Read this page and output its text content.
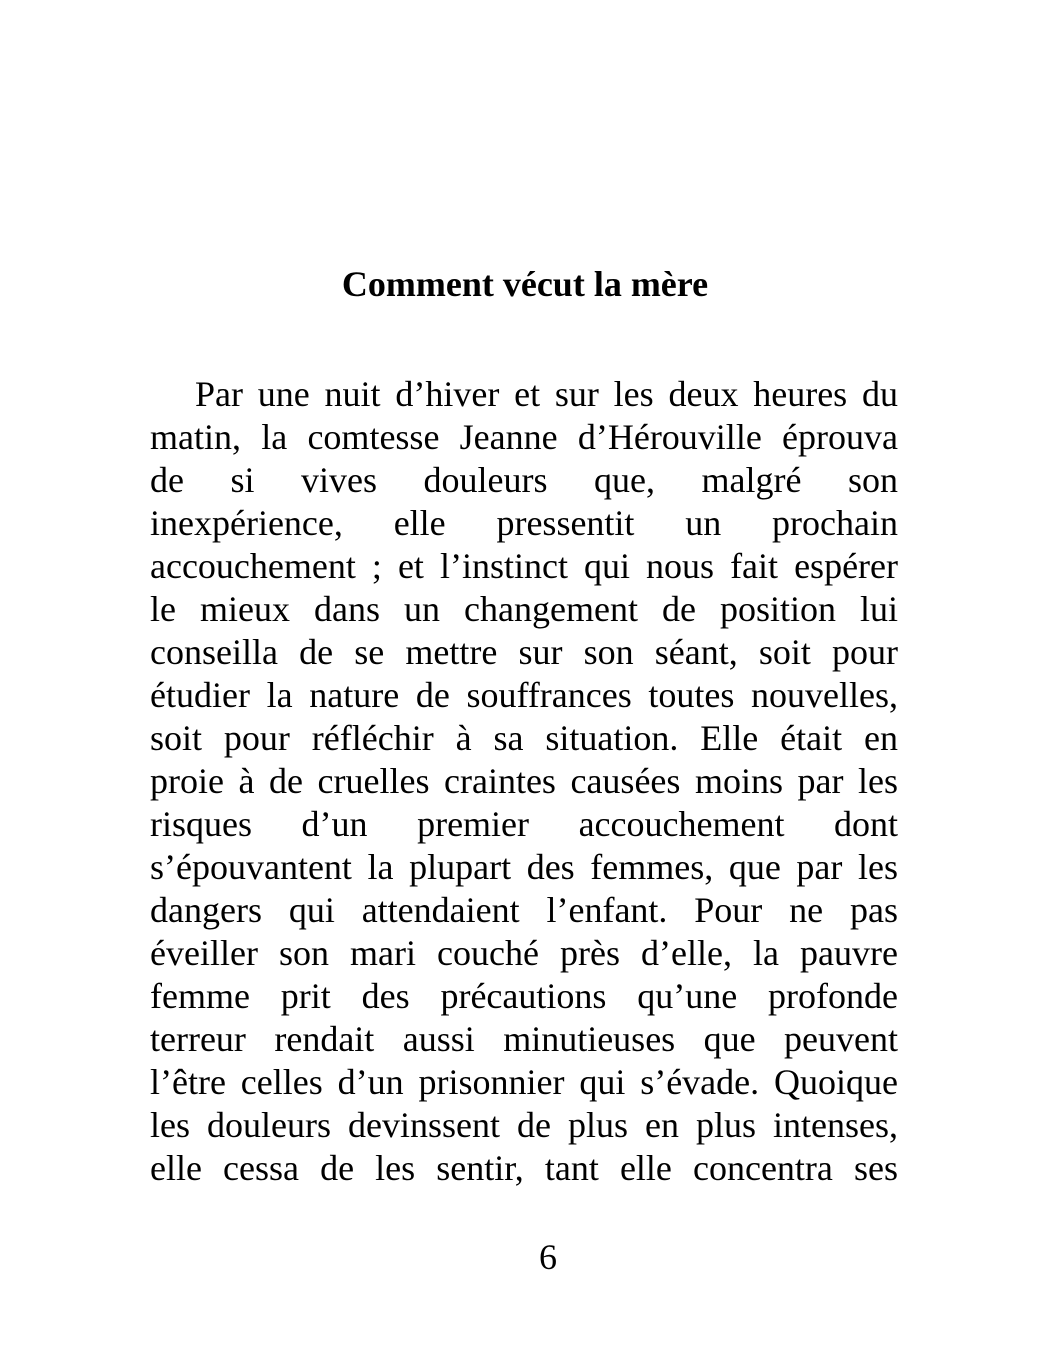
Comment vécut la mère
Par une nuit d’hiver et sur les deux heures du
matin, la comtesse Jeanne d’Hérouville éprouva
de si vives douleurs que, malgré son
inexpérience, elle pressentit un prochain
accouchement ; et l’instinct qui nous fait espérer
le mieux dans un changement de position lui
conseilla de se mettre sur son séant, soit pour
étudier la nature de souffrances toutes nouvelles,
soit pour réfléchir à sa situation. Elle était en
proie à de cruelles craintes causées moins par les
risques d’un premier accouchement dont
s’épouvantent la plupart des femmes, que par les
dangers qui attendaient l’enfant. Pour ne pas
éveiller son mari couché près d’elle, la pauvre
femme prit des précautions qu’une profonde
terreur rendait aussi minutieuses que peuvent
l’être celles d’un prisonnier qui s’évade. Quoique
les douleurs devinssent de plus en plus intenses,
elle cessa de les sentir, tant elle concentra ses
6
